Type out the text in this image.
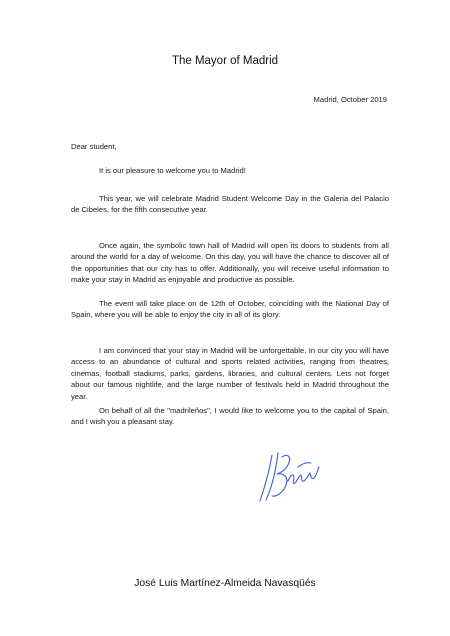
The Mayor of Madrid
Madrid, October 2019
Dear student,
It is our pleasure to welcome you to Madrid!
This year, we will celebrate Madrid Student Welcome Day in the Galeria del Palacio de Cibeles, for the fifth consecutive year.
Once again, the symbolic town hall of Madrid will open its doors to students from all around the world for a day of welcome. On this day, you will have the chance to discover all of the opportunities that our city has to offer. Additionally, you will receive useful information to make your stay in Madrid as enjoyable and productive as possible.
The event will take place on de 12th of October, coinciding with the National Day of Spain, where you will be able to enjoy the city in all of its glory.
I am convinced that your stay in Madrid will be unforgettable. In our city you will have access to an abundance of cultural and sports related activities, ranging from theatres, cinemas, football stadiums, parks, gardens, libraries, and cultural centers. Lets not forget about our famous nightlife, and the large number of festivals held in Madrid throughout the year.
On behalf of all the "madrileños", I would like to welcome you to the capital of Spain, and I wish you a pleasant stay.
José Luis Martínez-Almeida Navasqüés
